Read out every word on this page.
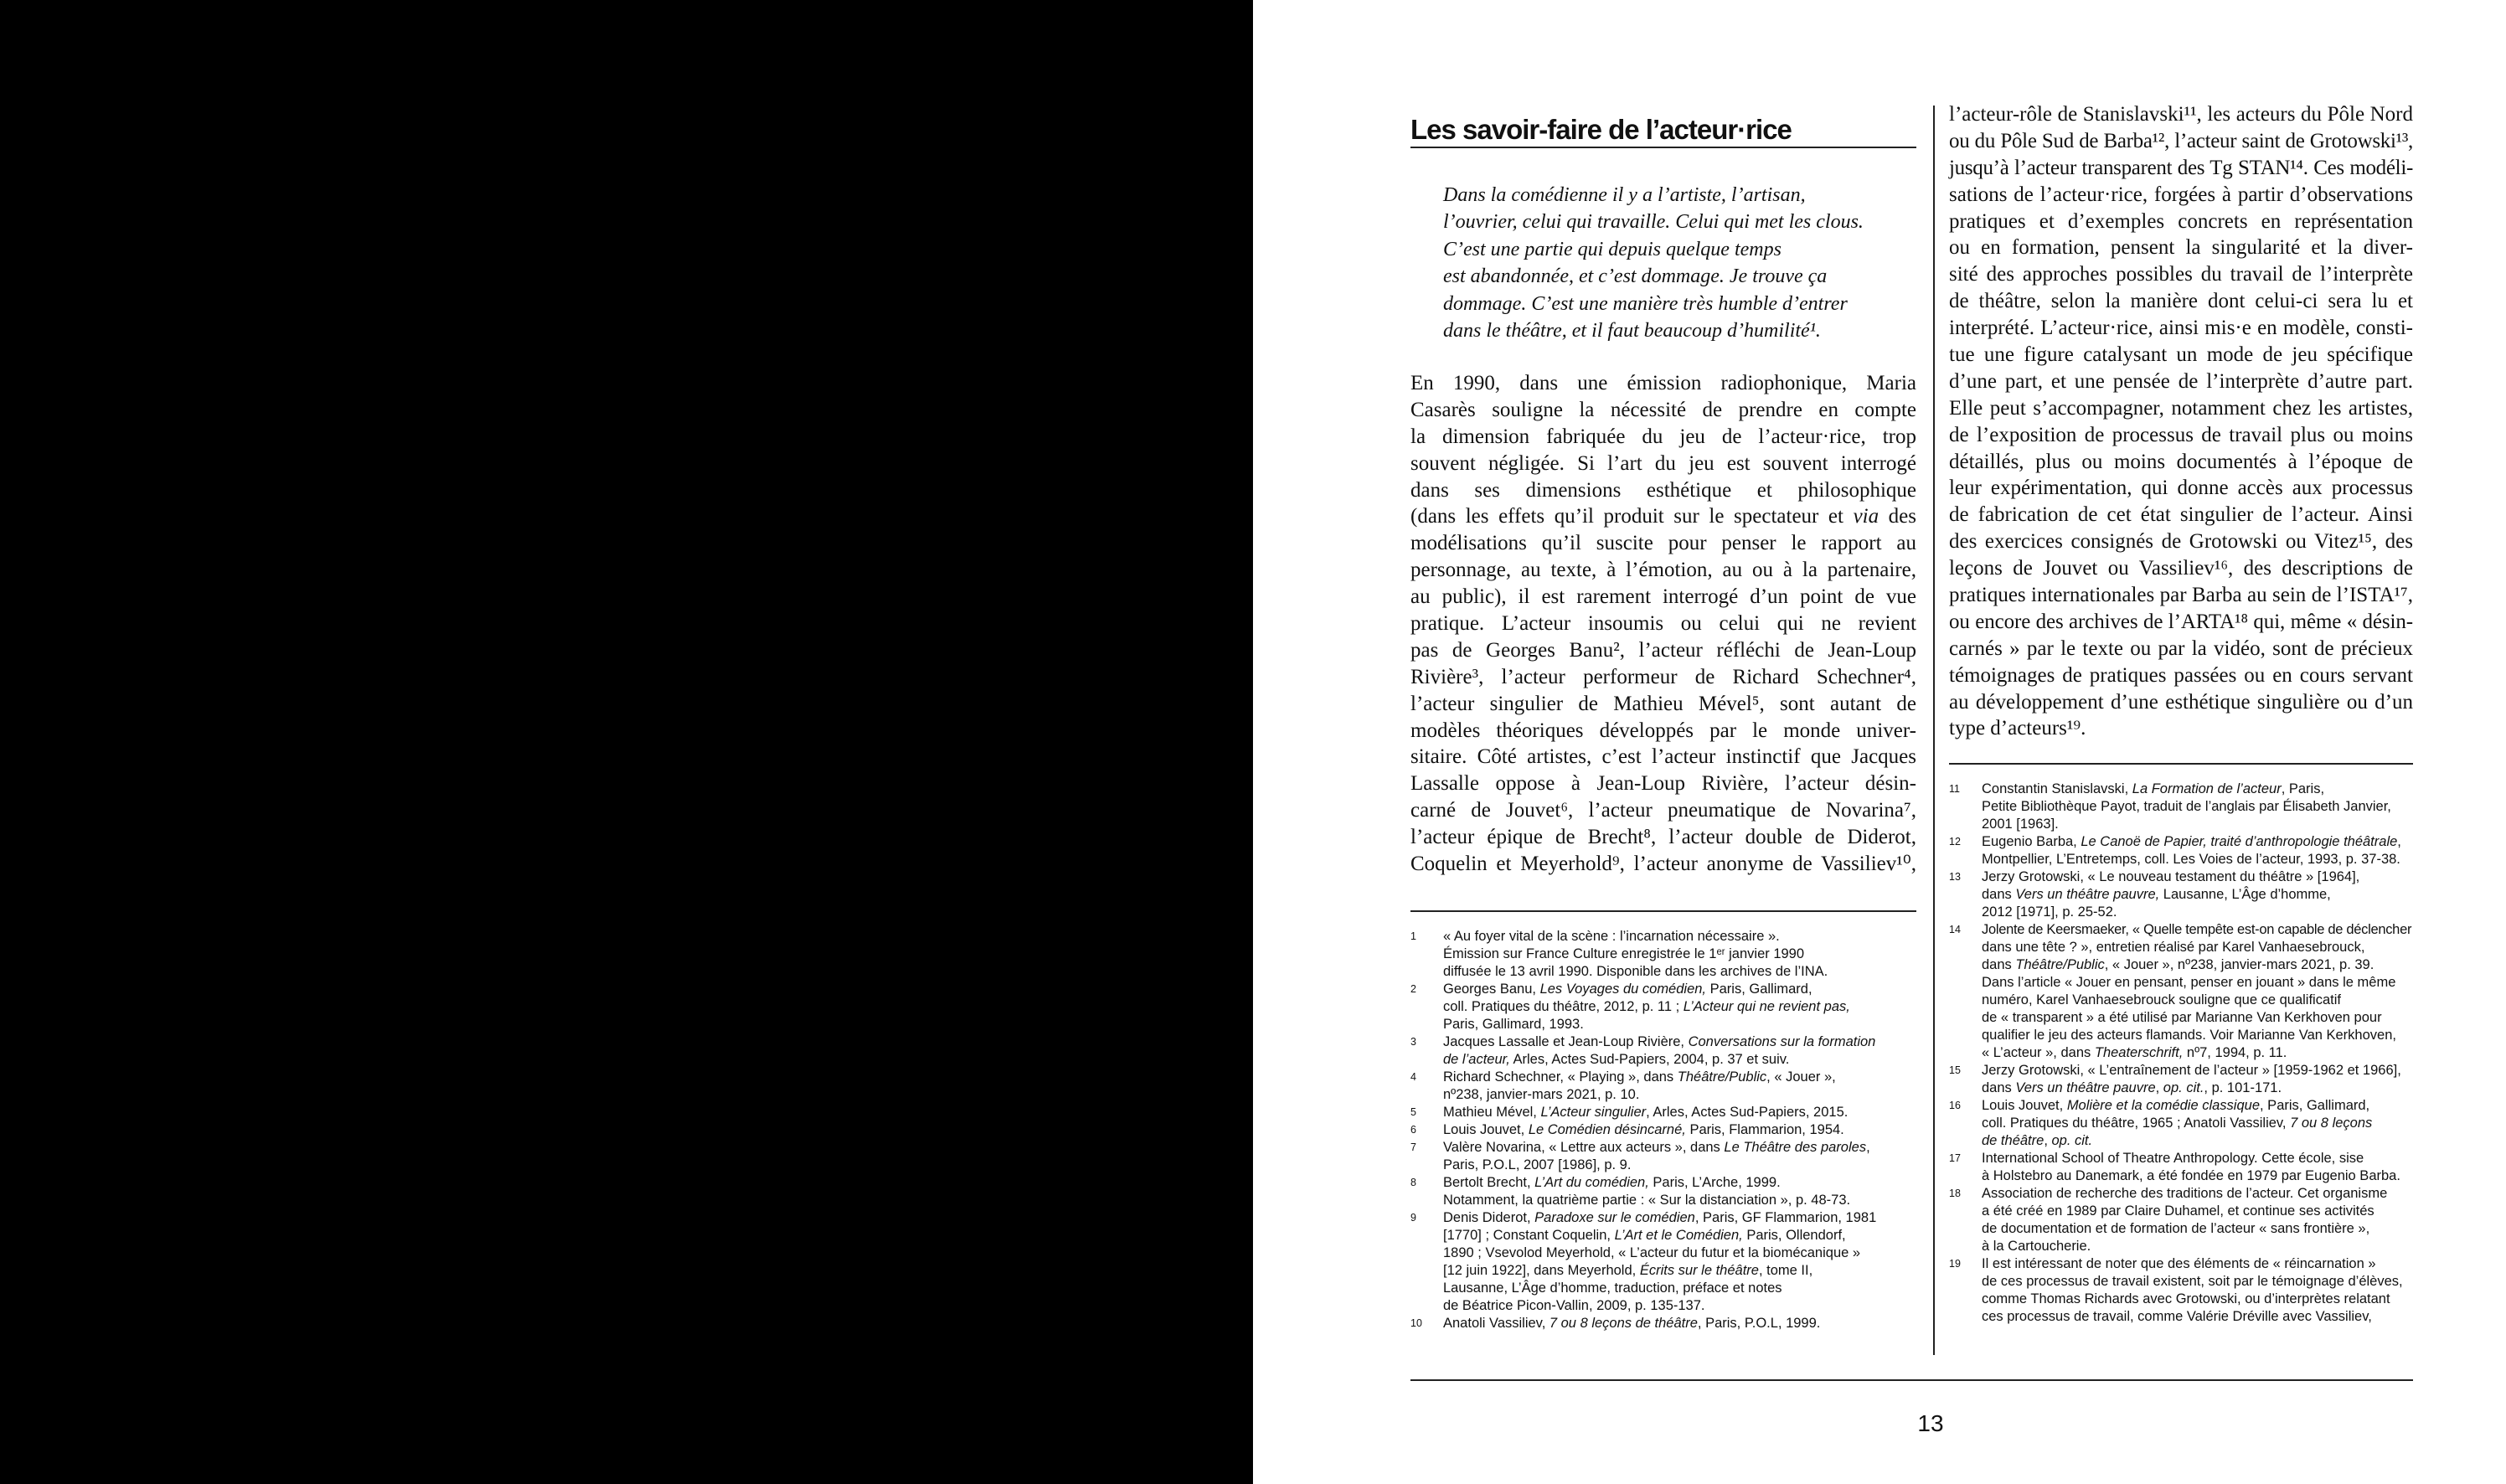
Les savoir-faire de l’acteur·rice
Dans la comédienne il y a l’artiste, l’artisan,
l’ouvrier, celui qui travaille. Celui qui met les clous.
C’est une partie qui depuis quelque temps
est abandonnée, et c’est dommage. Je trouve ça
dommage. C’est une manière très humble d’entrer
dans le théâtre, et il faut beaucoup d’humilité¹.
En 1990, dans une émission radiophonique, Maria
Casarès souligne la nécessité de prendre en compte
la dimension fabriquée du jeu de l’acteur·rice, trop
souvent négligée. Si l’art du jeu est souvent interrogé
dans ses dimensions esthétique et philosophique
(dans les effets qu’il produit sur le spectateur et via des
modélisations qu’il suscite pour penser le rapport au
personnage, au texte, à l’émotion, au ou à la partenaire,
au public), il est rarement interrogé d’un point de vue
pratique. L’acteur insoumis ou celui qui ne revient
pas de Georges Banu², l’acteur réfléchi de Jean-Loup
Rivière³, l’acteur performeur de Richard Schechner⁴,
l’acteur singulier de Mathieu Mével⁵, sont autant de
modèles théoriques développés par le monde univer-
sitaire. Côté artistes, c’est l’acteur instinctif que Jacques
Lassalle oppose à Jean-Loup Rivière, l’acteur désin-
carné de Jouvet⁶, l’acteur pneumatique de Novarina⁷,
l’acteur épique de Brecht⁸, l’acteur double de Diderot,
Coquelin et Meyerhold⁹, l’acteur anonyme de Vassiliev¹⁰,
l’acteur-rôle de Stanislavski¹¹, les acteurs du Pôle Nord
ou du Pôle Sud de Barba¹², l’acteur saint de Grotowski¹³,
jusqu’à l’acteur transparent des Tg STAN¹⁴. Ces modéli-
sations de l’acteur·rice, forgées à partir d’observations
pratiques et d’exemples concrets en représentation
ou en formation, pensent la singularité et la diver-
sité des approches possibles du travail de l’interprète
de théâtre, selon la manière dont celui-ci sera lu et
interprété. L’acteur·rice, ainsi mis·e en modèle, consti-
tue une figure catalysant un mode de jeu spécifique
d’une part, et une pensée de l’interprète d’autre part.
Elle peut s’accompagner, notamment chez les artistes,
de l’exposition de processus de travail plus ou moins
détaillés, plus ou moins documentés à l’époque de
leur expérimentation, qui donne accès aux processus
de fabrication de cet état singulier de l’acteur. Ainsi
des exercices consignés de Grotowski ou Vitez¹⁵, des
leçons de Jouvet ou Vassiliev¹⁶, des descriptions de
pratiques internationales par Barba au sein de l’ISTA¹⁷,
ou encore des archives de l’ARTA¹⁸ qui, même « désin-
carnés » par le texte ou par la vidéo, sont de précieux
témoignages de pratiques passées ou en cours servant
au développement d’une esthétique singulière ou d’un
type d’acteurs¹⁹.
1 « Au foyer vital de la scène : l’incarnation nécessaire ».
Émission sur France Culture enregistrée le 1ᵉʳ janvier 1990
diffusée le 13 avril 1990. Disponible dans les archives de l’INA.
2 Georges Banu, Les Voyages du comédien, Paris, Gallimard,
coll. Pratiques du théâtre, 2012, p. 11 ; L’Acteur qui ne revient pas,
Paris, Gallimard, 1993.
3 Jacques Lassalle et Jean-Loup Rivière, Conversations sur la formation
de l’acteur, Arles, Actes Sud-Papiers, 2004, p. 37 et suiv.
4 Richard Schechner, « Playing », dans Théâtre/Public, « Jouer »,
nº238, janvier-mars 2021, p. 10.
5 Mathieu Mével, L’Acteur singulier, Arles, Actes Sud-Papiers, 2015.
6 Louis Jouvet, Le Comédien désincarné, Paris, Flammarion, 1954.
7 Valère Novarina, « Lettre aux acteurs », dans Le Théâtre des paroles,
Paris, P.O.L, 2007 [1986], p. 9.
8 Bertolt Brecht, L’Art du comédien, Paris, L’Arche, 1999.
Notamment, la quatrième partie : « Sur la distanciation », p. 48-73.
9 Denis Diderot, Paradoxe sur le comédien, Paris, GF Flammarion, 1981
[1770] ; Constant Coquelin, L’Art et le Comédien, Paris, Ollendorf,
1890 ; Vsevolod Meyerhold, « L’acteur du futur et la biomécanique »
[12 juin 1922], dans Meyerhold, Écrits sur le théâtre, tome II,
Lausanne, L’Âge d’homme, traduction, préface et notes
de Béatrice Picon-Vallin, 2009, p. 135-137.
10 Anatoli Vassiliev, 7 ou 8 leçons de théâtre, Paris, P.O.L, 1999.
11 Constantin Stanislavski, La Formation de l’acteur, Paris,
Petite Bibliothèque Payot, traduit de l’anglais par Élisabeth Janvier,
2001 [1963].
12 Eugenio Barba, Le Canoë de Papier, traité d’anthropologie théâtrale,
Montpellier, L’Entretemps, coll. Les Voies de l’acteur, 1993, p. 37-38.
13 Jerzy Grotowski, « Le nouveau testament du théâtre » [1964],
dans Vers un théâtre pauvre, Lausanne, L’Âge d’homme,
2012 [1971], p. 25-52.
14 Jolente de Keersmaeker, « Quelle tempête est-on capable de déclencher
dans une tête ? », entretien réalisé par Karel Vanhaesebrouck,
dans Théâtre/Public, « Jouer », nº238, janvier-mars 2021, p. 39.
Dans l’article « Jouer en pensant, penser en jouant » dans le même
numéro, Karel Vanhaesebrouck souligne que ce qualificatif
de « transparent » a été utilisé par Marianne Van Kerkhoven pour
qualifier le jeu des acteurs flamands. Voir Marianne Van Kerkhoven,
« L’acteur », dans Theaterschrift, nº7, 1994, p. 11.
15 Jerzy Grotowski, « L’entraînement de l’acteur » [1959-1962 et 1966],
dans Vers un théâtre pauvre, op. cit., p. 101-171.
16 Louis Jouvet, Molière et la comédie classique, Paris, Gallimard,
coll. Pratiques du théâtre, 1965 ; Anatoli Vassiliev, 7 ou 8 leçons
de théâtre, op. cit.
17 International School of Theatre Anthropology. Cette école, sise
à Holstebro au Danemark, a été fondée en 1979 par Eugenio Barba.
18 Association de recherche des traditions de l’acteur. Cet organisme
a été créé en 1989 par Claire Duhamel, et continue ses activités
de documentation et de formation de l’acteur « sans frontière »,
à la Cartoucherie.
19 Il est intéressant de noter que des éléments de « réincarnation »
de ces processus de travail existent, soit par le témoignage d’élèves,
comme Thomas Richards avec Grotowski, ou d’interprètes relatant
ces processus de travail, comme Valérie Dréville avec Vassiliev,
13
